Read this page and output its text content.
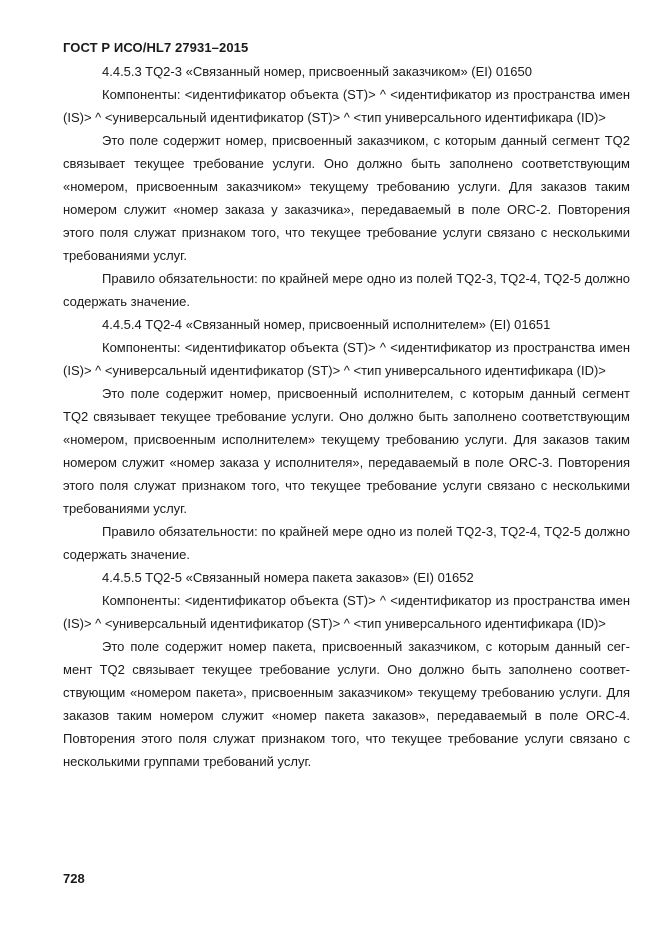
ГОСТ Р ИСО/HL7 27931–2015

4.4.5.3 TQ2-3 «Связанный номер, присвоенный заказчиком» (EI) 01650

Компоненты: <идентификатор объекта (ST)> ^ <идентификатор из пространства имен (IS)> ^ <универсальный идентификатор (ST)> ^ <тип универсального идентификара (ID)>

Это поле содержит номер, присвоенный заказчиком, с которым данный сегмент TQ2 связывает текущее требование услуги. Оно должно быть заполнено соответствующим «номером, присвоенным заказчиком» текущему требованию услуги. Для заказов таким номером служит «номер заказа у заказчика», передаваемый в поле ORC-2. Повторения этого поля служат признаком того, что текущее требование услуги связано с несколькими требованиями услуг.

Правило обязательности: по крайней мере одно из полей TQ2-3, TQ2-4, TQ2-5 должно содержать значение.

4.4.5.4 TQ2-4 «Связанный номер, присвоенный исполнителем» (EI) 01651

Компоненты: <идентификатор объекта (ST)> ^ <идентификатор из пространства имен (IS)> ^ <универсальный идентификатор (ST)> ^ <тип универсального идентификара (ID)>

Это поле содержит номер, присвоенный исполнителем, с которым данный сегмент TQ2 связывает текущее требование услуги. Оно должно быть заполнено соответствующим «номером, присвоенным исполнителем» текущему требованию услуги. Для заказов таким номером служит «номер заказа у исполнителя», передаваемый в поле ORC-3. Повторения этого поля служат признаком того, что текущее требование услуги связано с несколькими требованиями услуг.

Правило обязательности: по крайней мере одно из полей TQ2-3, TQ2-4, TQ2-5 должно содержать значение.

4.4.5.5 TQ2-5 «Связанный номера пакета заказов» (EI) 01652

Компоненты: <идентификатор объекта (ST)> ^ <идентификатор из пространства имен (IS)> ^ <универсальный идентификатор (ST)> ^ <тип универсального идентификара (ID)>

Это поле содержит номер пакета, присвоенный заказчиком, с которым данный сегмент TQ2 связывает текущее требование услуги. Оно должно быть заполнено соответствующим «номером пакета», присвоенным заказчиком» текущему требованию услуги. Для заказов таким номером служит «номер пакета заказов», передаваемый в поле ORC-4. Повторения этого поля служат признаком того, что текущее требование услуги связано с несколькими группами требований услуг.

728
